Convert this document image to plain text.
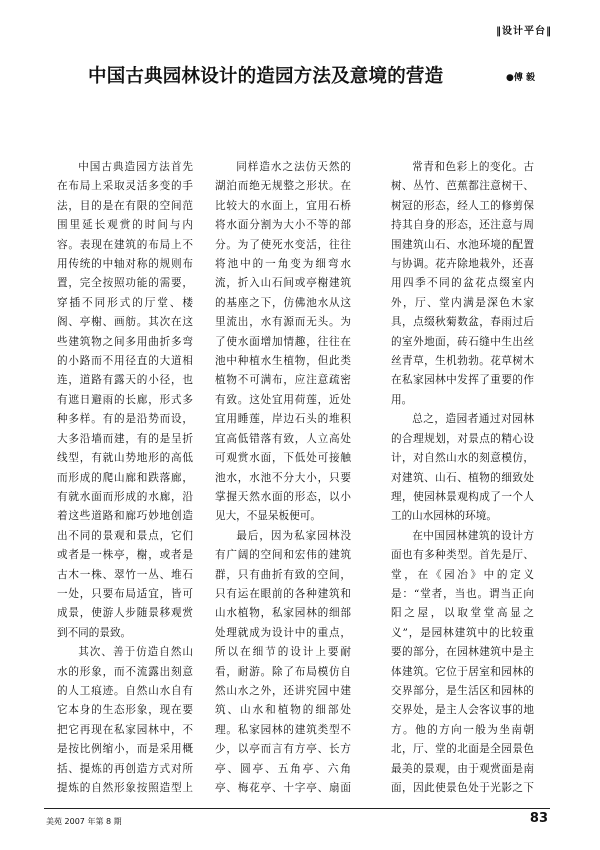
‖设计平台‖
中国古典园林设计的造园方法及意境的营造	●傅 毅

中国古典造园方法首先在布局上采取灵活多变的手法，目的是在有限的空间范围里延长观赏的时间与内容。表现在建筑的布局上不用传统的中轴对称的规则布置，完全按照功能的需要，穿插不同形式的厅堂、楼阁、亭榭、画舫。其次在这些建筑物之间多用曲折多弯的小路而不用径直的大道相连，道路有露天的小径，也有遮日避雨的长廊，形式多种多样。有的是沿势而设，大多沿墙而建，有的是呈折线型，有就山势地形的高低而形成的爬山廊和跌落廊，有就水面而形成的水廊，沿着这些道路和廊巧妙地创造出不同的景观和景点，它们或者是一株亭，榭，或者是古木一株、翠竹一丛、堆石一处，只要布局适宜，皆可成景，使游人步随景移观赏到不同的景致。

其次、善于仿造自然山水的形象，而不流露出刻意的人工痕迹。自然山水自有它本身的生态形象，现在要把它再现在私家园林中，不是按比例缩小，而是采用概括、提炼的再创造方式对所提炼的自然形象按照造型上

同样造水之法仿天然的湖泊而绝无规整之形状。在比较大的水面上，宜用石桥将水面分割为大小不等的部分。为了使死水变活，往往将池中的一角变为细弯水流，折入山石间或亭榭建筑的基座之下，仿佛池水从这里流出，水有源而无头。为了使水面增加情趣，往往在池中种植水生植物，但此类植物不可满布，应注意疏密有致。这处宜用荷莲，近处宜用睡莲，岸边石头的堆积宜高低错落有致，人立高处可观赏水面，下低处可接触池水，水池不分大小，只要掌握天然水面的形态，以小见大，不显呆板便可。

最后，因为私家园林没有广阔的空间和宏伟的建筑群，只有曲折有致的空间，只有运在眼前的各种建筑和山水植物，私家园林的细部处理就成为设计中的重点，所以在细节的设计上要耐看，耐游。除了布局模仿自然山水之外，还讲究园中建筑、山水和植物的细部处理。私家园林的建筑类型不少，以亭而言有方亭、长方亭、圆亭、五角亭、六角亭、梅花亭、十字亭、扇面

常青和色彩上的变化。古树、丛竹、芭蕉都注意树干、树冠的形态，经人工的修剪保持其自身的形态，还注意与周围建筑山石、水池环境的配置与协调。花卉除地栽外，还喜用四季不同的盆花点缀室内外，厅、堂内满是深色木家具，点缀秋菊数盆，春雨过后的室外地面，砖石缝中生出丝丝青草，生机勃勃。花草树木在私家园林中发挥了重要的作用。

总之，造园者通过对园林的合理规划，对景点的精心设计，对自然山水的刻意模仿，对建筑、山石、植物的细致处理，使园林景观构成了一个人工的山水园林的环境。

在中国园林建筑的设计方面也有多种类型。首先是厅、堂，在《园冶》中的定义是：“堂者，当也。谓当正向阳之屋，以取堂堂高显之义”，是园林建筑中的比较重要的部分，在园林建筑中是主体建筑。它位于居室和园林的交界部分，是生活区和园林的交界处，是主人会客议事的地方。他的方向一般为坐南朝北，厅、堂的北面是全园景色最美的景观，由于观赏面是南面，因此使景色处于光影之下

美苑 2007 年第 8 期	83
